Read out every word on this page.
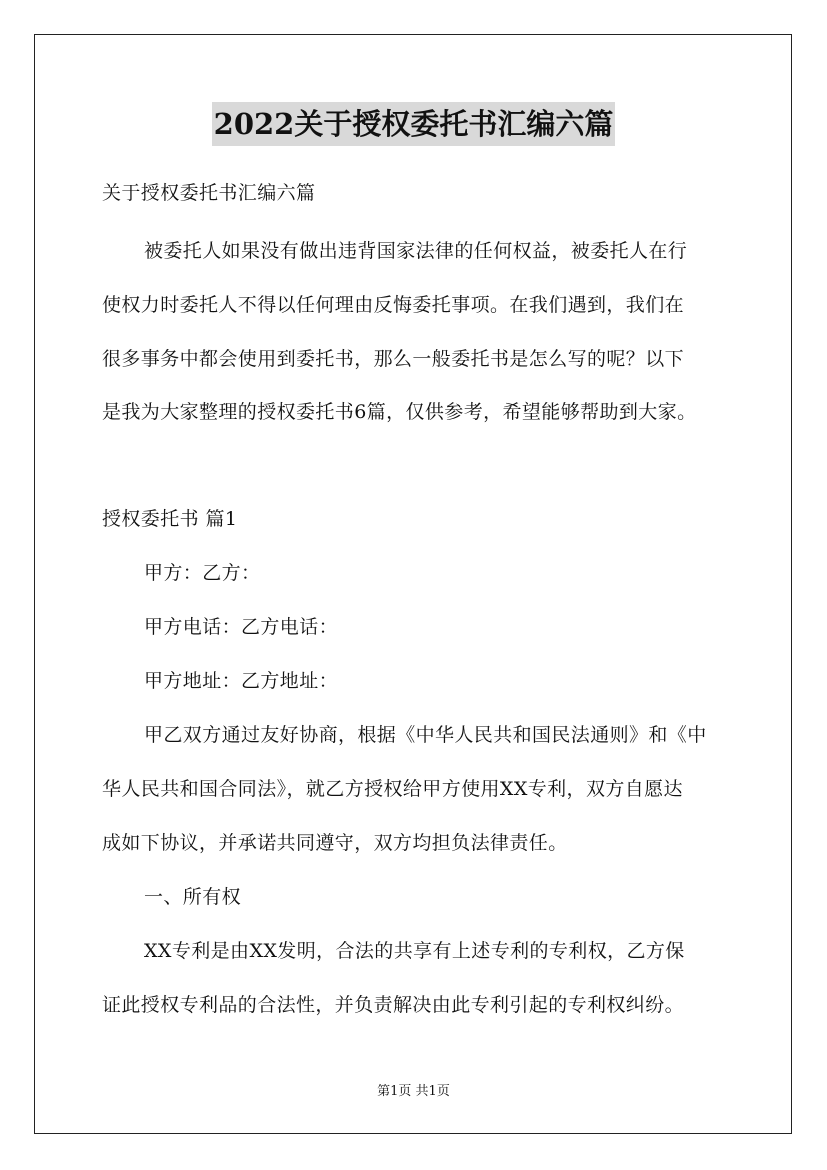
2022关于授权委托书汇编六篇
关于授权委托书汇编六篇
被委托人如果没有做出违背国家法律的任何权益，被委托人在行
使权力时委托人不得以任何理由反悔委托事项。在我们遇到，我们在
很多事务中都会使用到委托书，那么一般委托书是怎么写的呢？以下
是我为大家整理的授权委托书6篇，仅供参考，希望能够帮助到大家。
授权委托书 篇1
甲方：乙方：
甲方电话：乙方电话：
甲方地址：乙方地址：
甲乙双方通过友好协商，根据《中华人民共和国民法通则》和《中
华人民共和国合同法》，就乙方授权给甲方使用XX专利，双方自愿达
成如下协议，并承诺共同遵守，双方均担负法律责任。
一、所有权
XX专利是由XX发明，合法的共享有上述专利的专利权，乙方保
证此授权专利品的合法性，并负责解决由此专利引起的专利权纠纷。
第1页 共1页
